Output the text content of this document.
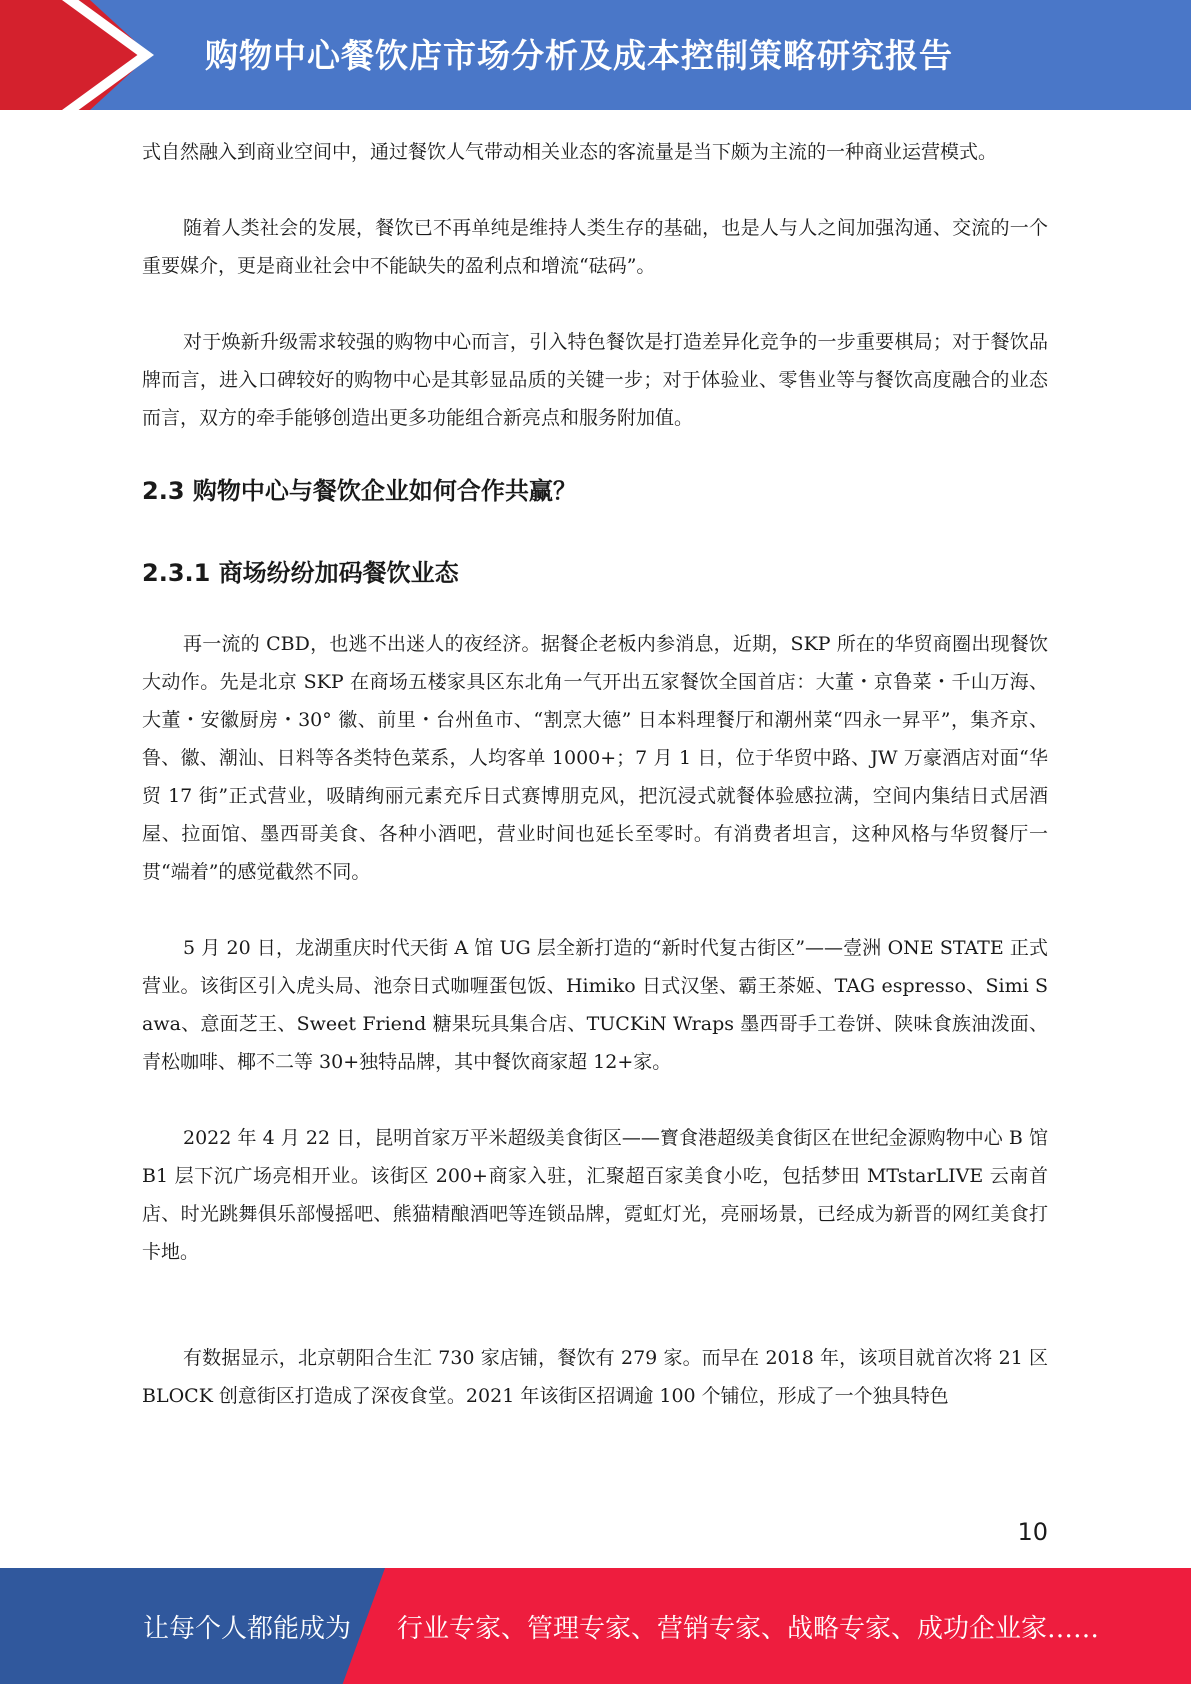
购物中心餐饮店市场分析及成本控制策略研究报告

式自然融入到商业空间中，通过餐饮人气带动相关业态的客流量是当下颇为主流的一种商业运营模式。

随着人类社会的发展，餐饮已不再单纯是维持人类生存的基础，也是人与人之间加强沟通、交流的一个重要媒介，更是商业社会中不能缺失的盈利点和增流“砝码”。

对于焕新升级需求较强的购物中心而言，引入特色餐饮是打造差异化竞争的一步重要棋局；对于餐饮品牌而言，进入口碑较好的购物中心是其彰显品质的关键一步；对于体验业、零售业等与餐饮高度融合的业态而言，双方的牵手能够创造出更多功能组合新亮点和服务附加值。

2.3 购物中心与餐饮企业如何合作共赢？
2.3.1 商场纷纷加码餐饮业态

再一流的 CBD，也逃不出迷人的夜经济。据餐企老板内参消息，近期，SKP 所在的华贸商圈出现餐饮大动作。先是北京 SKP 在商场五楼家具区东北角一气开出五家餐饮全国首店：大董・京鲁菜・千山万海、大董・安徽厨房・30° 徽、前里・台州鱼市、“割烹大德” 日本料理餐厅和潮州菜“四永一昇平”，集齐京、鲁、徽、潮汕、日料等各类特色菜系，人均客单 1000+；7 月 1 日，位于华贸中路、JW 万豪酒店对面“华贸 17 街”正式营业，吸睛绚丽元素充斥日式赛博朋克风，把沉浸式就餐体验感拉满，空间内集结日式居酒屋、拉面馆、墨西哥美食、各种小酒吧，营业时间也延长至零时。有消费者坦言，这种风格与华贸餐厅一贯“端着”的感觉截然不同。

5 月 20 日，龙湖重庆时代天街 A 馆 UG 层全新打造的“新时代复古街区”——壹洲 ONE STATE 正式营业。该街区引入虎头局、池奈日式咖喱蛋包饭、Himiko 日式汉堡、霸王茶姬、TAG espresso、Simi Sawa、意面芝王、Sweet Friend 糖果玩具集合店、TUCKiN Wraps 墨西哥手工卷饼、陕味食族油泼面、青松咖啡、椰不二等 30+独特品牌，其中餐饮商家超 12+家。

2022 年 4 月 22 日，昆明首家万平米超级美食街区——寳食港超级美食街区在世纪金源购物中心 B 馆 B1 层下沉广场亮相开业。该街区 200+商家入驻，汇聚超百家美食小吃，包括梦田 MTstarLIVE 云南首店、时光跳舞俱乐部慢摇吧、熊猫精酿酒吧等连锁品牌，霓虹灯光，亮丽场景，已经成为新晋的网红美食打卡地。

有数据显示，北京朝阳合生汇 730 家店铺，餐饮有 279 家。而早在 2018 年，该项目就首次将 21 区 BLOCK 创意街区打造成了深夜食堂。2021 年该街区招调逾 100 个铺位，形成了一个独具特色

10
让每个人都能成为 行业专家、管理专家、营销专家、战略专家、成功企业家……
